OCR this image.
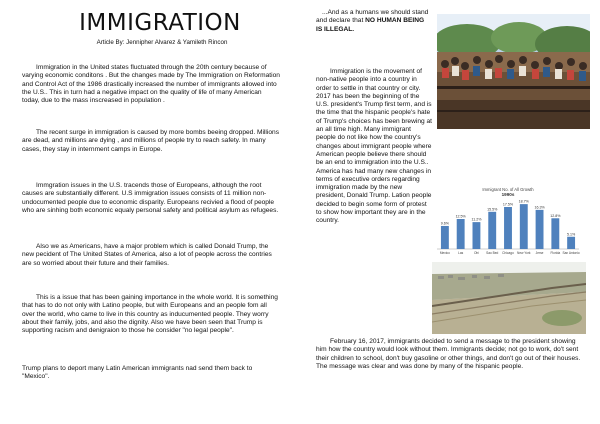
IMMIGRATION
Article By: Jennipher Alvarez & Yamileth Rincon

Immigration in the United states fluctuated through the 20th century because of varying economic conditons . But the changes made by The Immigration on Reformation and Control Act of the 1986 drastically increased the number of immigrants allowed into the U.S.. This in turn had a negative impact on the quality of life of many American today, due to the mass inscreased in population .

The recent surge in immigration is caused by more bombs beeing dropped. Millions are dead, and millions are dying , and millions of people try to reach safety. In many cases, they stay in internment camps in Europe.

Immgration issues in the U.S. tracends those of Europeans, although the root causes are substantially different. U.S immigration issues consists of 11 million non-undocumented people due to economic disparity. Europeans recivied a flood of people who are sinhing both economic equaly personal safety and political asylum as refugees.

Also we as Americans, have a major problem which is called Donald Trump, the new pecident of The United States of America, also a lot of people across the contries are so worried about their future and their families.

This is a issue that has been gaining importance in the whole world. It is something that has to do not only with Latino people, but with Europeans and an people fom all over the world, who came to live in this country as inducumented people. They worry about their family, jobs, and also the dignity. Also we have been seen that Trump is supporting racism and denigraion to those he consider "no legal people".

Trump plans to deport many Latin American immigrants nad send them back to "Mexico".

...And as a humans we should stand and declare that NO HUMAN BEING IS ILLEGAL.

Immigration is the movement of non-native people into a country in order to settle in that country or city. 2017 has been the beginning of the U.S. president's Trump first term, and is the time that the hispanic people's hate of Trump's choices has been brewing at an all time high. Many immigrant people do not like how the country's changes about immigrant people where American people believe there should be an end to immigration into the U.S.. America has had many new changes in terms of executive orders regarding immigration made by the new president, Donald Trump. Lation people decided to begin some form of protest to show how important they are in the country.

February 16, 2017, immigrants decided to send a message to the president showing him how the country would look without them. Immigrants decide; not go to work, do't sent their children to school, don't buy gasoline or other things, and don't go out of their houses. The message was clear and was done by many of the hispanic people.

Immigrant No. of All Growth
1990s
9.6%
Mexico
12.5%
Las
11.2%
Ohi
15.5%
Sao Bed
17.5%
Chicago
18.7%
New York
16.3%
Jerse
12.8%
Florida
5.1%
San Antonio
